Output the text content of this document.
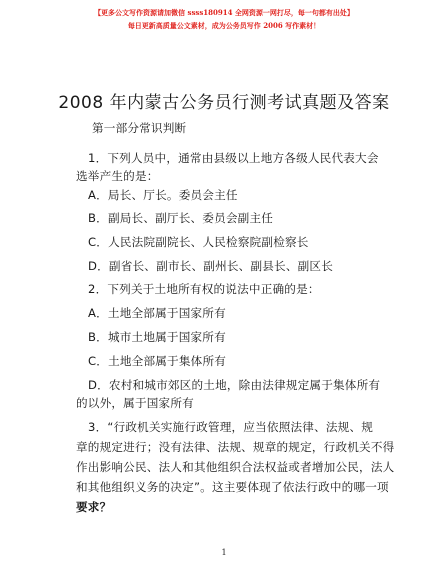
【更多公文写作资源请加微信 ssss180914 全网资源一网打尽，每一句都有出处】
每日更新高质量公文素材，成为公务员写作 2006 写作素材！
2008 年内蒙古公务员行测考试真题及答案
第一部分常识判断
1．下列人员中，通常由县级以上地方各级人民代表大会
选举产生的是：
A．局长、厅长。委员会主任
B．副局长、副厅长、委员会副主任
C．人民法院副院长、人民检察院副检察长
D．副省长、副市长、副州长、副县长、副区长
2．下列关于土地所有权的说法中正确的是：
A．土地全部属于国家所有
B．城市土地属于国家所有
C．土地全部属于集体所有
D．农村和城市郊区的土地，除由法律规定属于集体所有
的以外，属于国家所有
3．“行政机关实施行政管理，应当依照法律、法规、规
章的规定进行；没有法律、法规、规章的规定，行政机关不得
作出影响公民、法人和其他组织合法权益或者增加公民，法人
和其他组织义务的决定”。这主要体现了依法行政中的哪一项
要求？
1
